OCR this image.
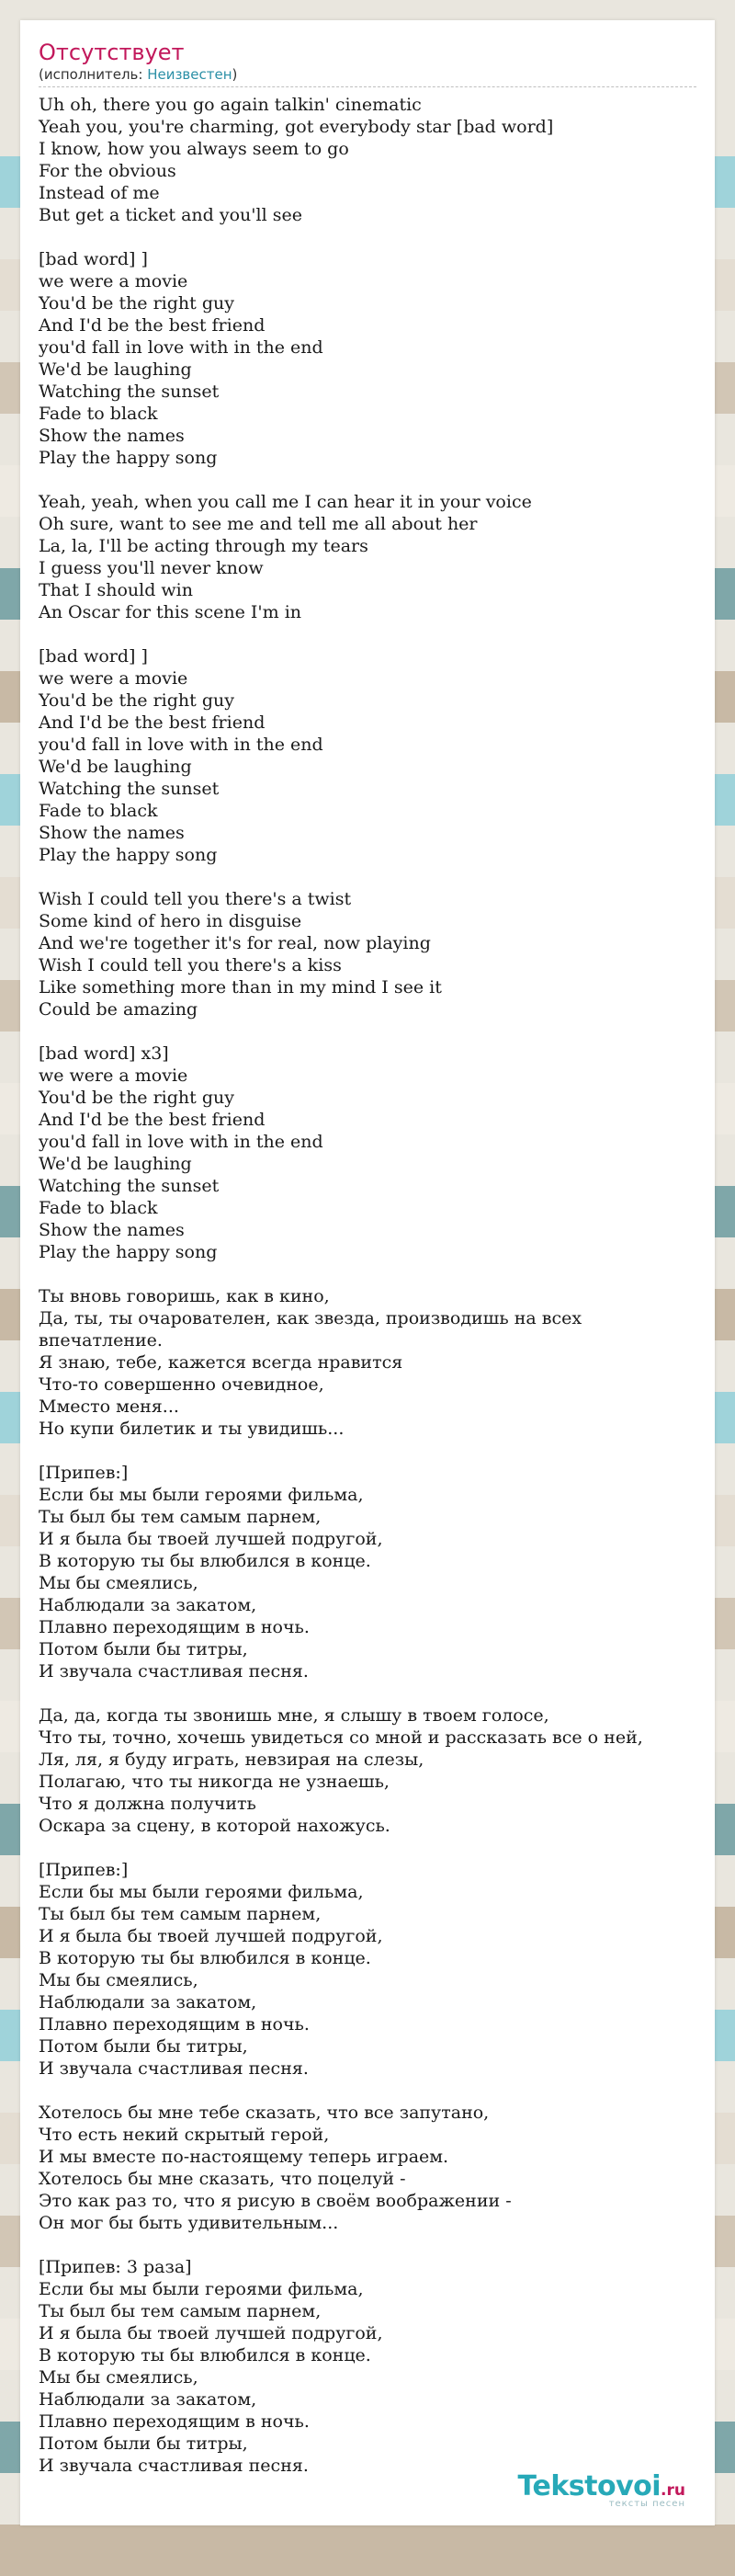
Отсутствует
(исполнитель: Неизвестен)
Uh oh, there you go again talkin' cinematic
Yeah you, you're charming, got everybody star [bad word]
I know, how you always seem to go
For the obvious
Instead of me
But get a ticket and you'll see
[bad word] ]
we were a movie
You'd be the right guy
And I'd be the best friend
you'd fall in love with in the end
We'd be laughing
Watching the sunset
Fade to black
Show the names
Play the happy song
Yeah, yeah, when you call me I can hear it in your voice
Oh sure, want to see me and tell me all about her
La, la, I'll be acting through my tears
I guess you'll never know
That I should win
An Oscar for this scene I'm in
[bad word] ]
we were a movie
You'd be the right guy
And I'd be the best friend
you'd fall in love with in the end
We'd be laughing
Watching the sunset
Fade to black
Show the names
Play the happy song
Wish I could tell you there's a twist
Some kind of hero in disguise
And we're together it's for real, now playing
Wish I could tell you there's a kiss
Like something more than in my mind I see it
Could be amazing
[bad word] x3]
we were a movie
You'd be the right guy
And I'd be the best friend
you'd fall in love with in the end
We'd be laughing
Watching the sunset
Fade to black
Show the names
Play the happy song
Ты вновь говоришь, как в кино,
Да, ты, ты очарователен, как звезда, производишь на всех впечатление.
Я знаю, тебе, кажется всегда нравится
Что-то совершенно очевидное,
Мместо меня...
Но купи билетик и ты увидишь...
[Припев:]
Если бы мы были героями фильма,
Ты был бы тем самым парнем,
И я была бы твоей лучшей подругой,
В которую ты бы влюбился в конце.
Мы бы смеялись,
Наблюдали за закатом,
Плавно переходящим в ночь.
Потом были бы титры,
И звучала счастливая песня.
Да, да, когда ты звонишь мне, я слышу в твоем голосе,
Что ты, точно, хочешь увидеться со мной и рассказать все о ней,
Ля, ля, я буду играть, невзирая на слезы,
Полагаю, что ты никогда не узнаешь,
Что я должна получить
Оскара за сцену, в которой нахожусь.
[Припев:]
Если бы мы были героями фильма,
Ты был бы тем самым парнем,
И я была бы твоей лучшей подругой,
В которую ты бы влюбился в конце.
Мы бы смеялись,
Наблюдали за закатом,
Плавно переходящим в ночь.
Потом были бы титры,
И звучала счастливая песня.
Хотелось бы мне тебе сказать, что все запутано,
Что есть некий скрытый герой,
И мы вместе по-настоящему теперь играем.
Хотелось бы мне сказать, что поцелуй -
Это как раз то, что я рисую в своём воображении -
Он мог бы быть удивительным...
[Припев: 3 раза]
Если бы мы были героями фильма,
Ты был бы тем самым парнем,
И я была бы твоей лучшей подругой,
В которую ты бы влюбился в конце.
Мы бы смеялись,
Наблюдали за закатом,
Плавно переходящим в ночь.
Потом были бы титры,
И звучала счастливая песня.
Tekstovoi.ru
тексты песен
